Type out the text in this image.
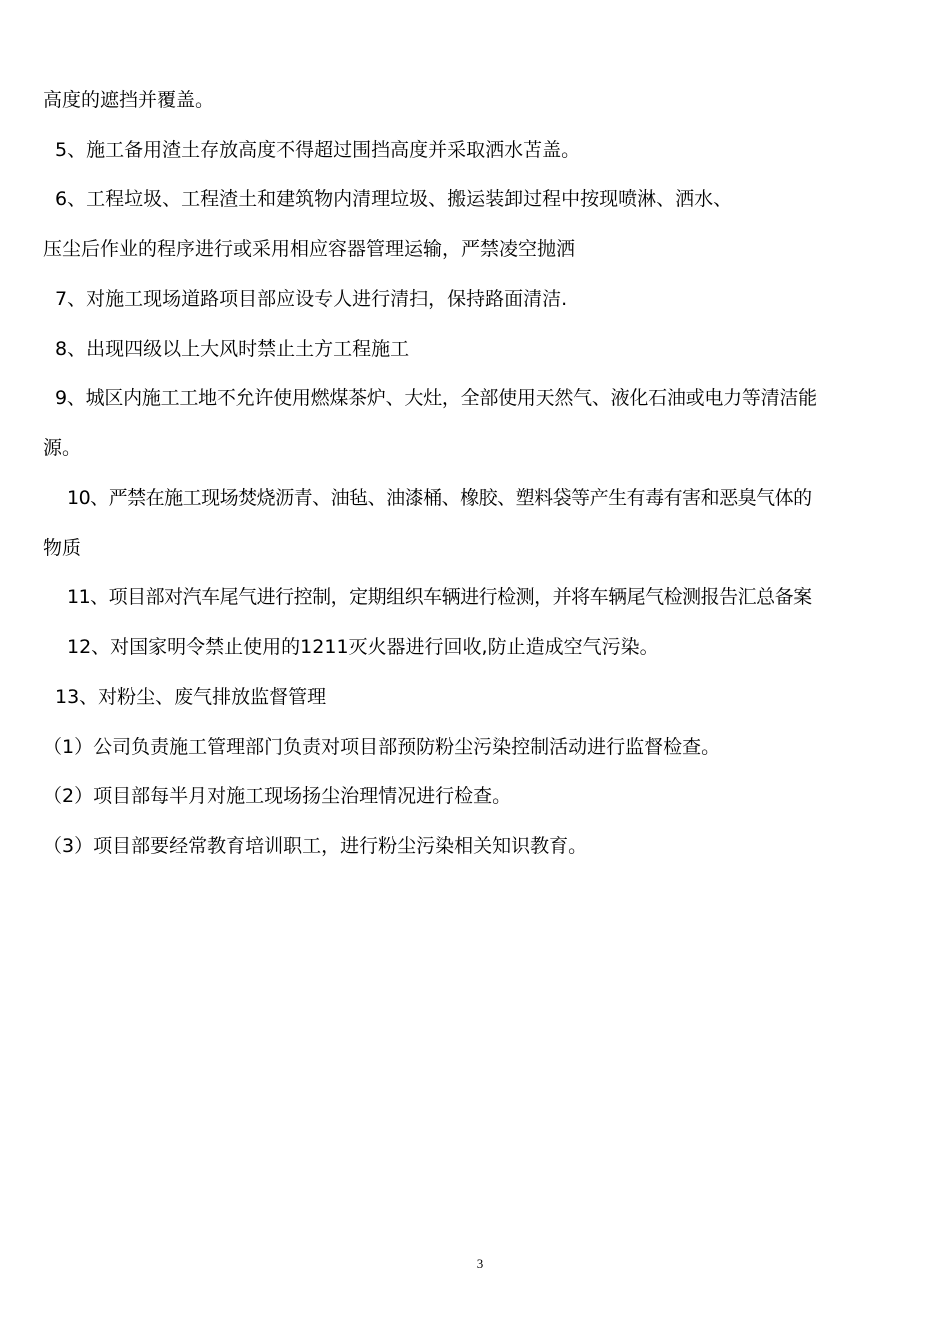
高度的遮挡并覆盖。
5、施工备用渣土存放高度不得超过围挡高度并采取洒水苫盖。
6、工程垃圾、工程渣土和建筑物内清理垃圾、搬运装卸过程中按现喷淋、洒水、
压尘后作业的程序进行或采用相应容器管理运输，严禁凌空抛洒
7、对施工现场道路项目部应设专人进行清扫，保持路面清洁.
8、出现四级以上大风时禁止土方工程施工
9、城区内施工工地不允许使用燃煤茶炉、大灶，全部使用天然气、液化石油或电力等清洁能
源。
10、严禁在施工现场焚烧沥青、油毡、油漆桶、橡胶、塑料袋等产生有毒有害和恶臭气体的
物质
11、项目部对汽车尾气进行控制，定期组织车辆进行检测，并将车辆尾气检测报告汇总备案
12、对国家明令禁止使用的1211灭火器进行回收,防止造成空气污染。
13、对粉尘、废气排放监督管理
（1）公司负责施工管理部门负责对项目部预防粉尘污染控制活动进行监督检查。
（2）项目部每半月对施工现场扬尘治理情况进行检查。
（3）项目部要经常教育培训职工，进行粉尘污染相关知识教育。
3
